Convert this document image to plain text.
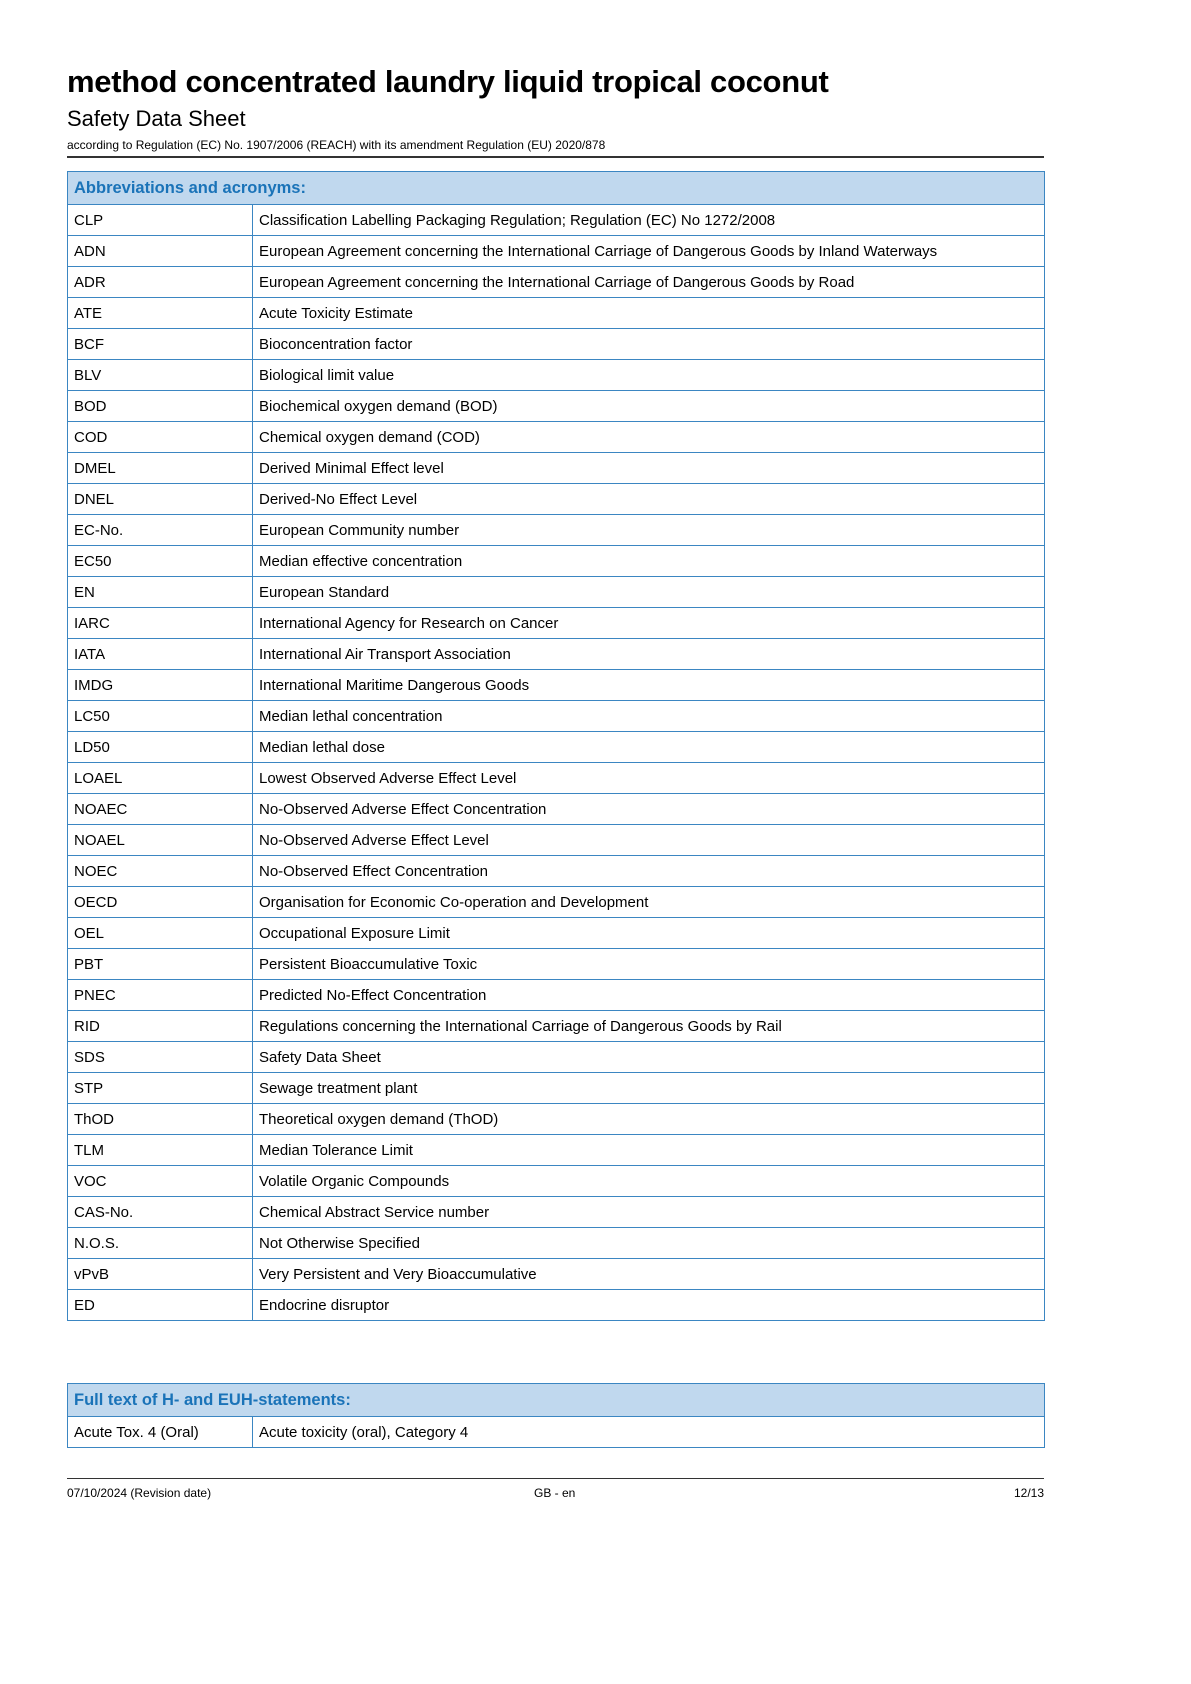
method concentrated laundry liquid tropical coconut
Safety Data Sheet
according to Regulation (EC) No. 1907/2006 (REACH) with its amendment Regulation (EU) 2020/878
Abbreviations and acronyms:	
CLP	Classification Labelling Packaging Regulation; Regulation (EC) No 1272/2008
ADN	European Agreement concerning the International Carriage of Dangerous Goods by Inland Waterways
ADR	European Agreement concerning the International Carriage of Dangerous Goods by Road
ATE	Acute Toxicity Estimate
BCF	Bioconcentration factor
BLV	Biological limit value
BOD	Biochemical oxygen demand (BOD)
COD	Chemical oxygen demand (COD)
DMEL	Derived Minimal Effect level
DNEL	Derived-No Effect Level
EC-No.	European Community number
EC50	Median effective concentration
EN	European Standard
IARC	International Agency for Research on Cancer
IATA	International Air Transport Association
IMDG	International Maritime Dangerous Goods
LC50	Median lethal concentration
LD50	Median lethal dose
LOAEL	Lowest Observed Adverse Effect Level
NOAEC	No-Observed Adverse Effect Concentration
NOAEL	No-Observed Adverse Effect Level
NOEC	No-Observed Effect Concentration
OECD	Organisation for Economic Co-operation and Development
OEL	Occupational Exposure Limit
PBT	Persistent Bioaccumulative Toxic
PNEC	Predicted No-Effect Concentration
RID	Regulations concerning the International Carriage of Dangerous Goods by Rail
SDS	Safety Data Sheet
STP	Sewage treatment plant
ThOD	Theoretical oxygen demand (ThOD)
TLM	Median Tolerance Limit
VOC	Volatile Organic Compounds
CAS-No.	Chemical Abstract Service number
N.O.S.	Not Otherwise Specified
vPvB	Very Persistent and Very Bioaccumulative
ED	Endocrine disruptor
Full text of H- and EUH-statements:
Acute Tox. 4 (Oral)	Acute toxicity (oral), Category 4
07/10/2024 (Revision date)	GB - en	12/13
